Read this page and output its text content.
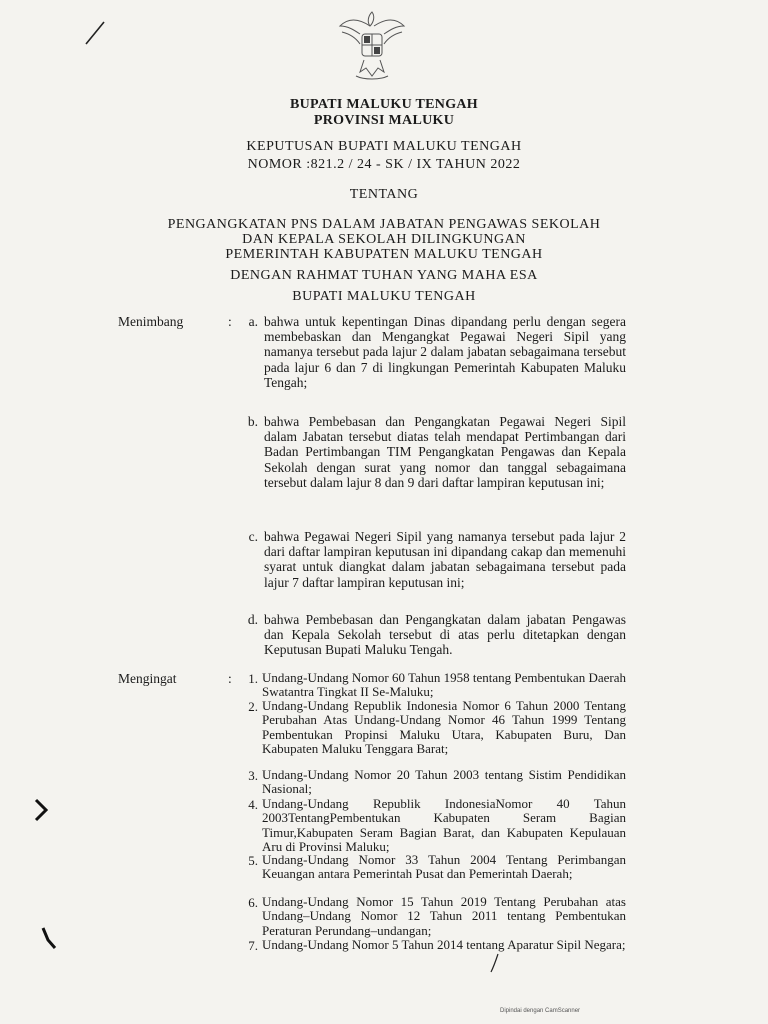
BUPATI MALUKU TENGAH
PROVINSI MALUKU
KEPUTUSAN BUPATI MALUKU TENGAH
NOMOR :821.2 / 24 - SK / IX TAHUN 2022
TENTANG
PENGANGKATAN PNS DALAM JABATAN PENGAWAS SEKOLAH
DAN KEPALA SEKOLAH DILINGKUNGAN
PEMERINTAH KABUPATEN MALUKU TENGAH
DENGAN RAHMAT TUHAN YANG MAHA ESA
BUPATI MALUKU TENGAH
Menimbang	:	a. bahwa untuk kepentingan Dinas dipandang perlu dengan segera membebaskan dan Mengangkat Pegawai Negeri Sipil yang namanya tersebut pada lajur 2 dalam jabatan sebagaimana tersebut pada lajur 6 dan 7 di lingkungan Pemerintah Kabupaten Maluku Tengah;
b. bahwa Pembebasan dan Pengangkatan Pegawai Negeri Sipil dalam Jabatan tersebut diatas telah mendapat Pertimbangan dari Badan Pertimbangan TIM Pengangkatan Pengawas dan Kepala Sekolah dengan surat yang nomor dan tanggal sebagaimana tersebut dalam lajur 8 dan 9 dari daftar lampiran keputusan ini;
c. bahwa Pegawai Negeri Sipil yang namanya tersebut pada lajur 2 dari daftar lampiran keputusan ini dipandang cakap dan memenuhi syarat untuk diangkat dalam jabatan sebagaimana tersebut pada lajur 7 daftar lampiran keputusan ini;
d. bahwa Pembebasan dan Pengangkatan dalam jabatan Pengawas dan Kepala Sekolah tersebut di atas perlu ditetapkan dengan Keputusan Bupati Maluku Tengah.
Mengingat	:	1. Undang-Undang Nomor 60 Tahun 1958 tentang Pembentukan Daerah Swatantra Tingkat II Se-Maluku;
2. Undang-Undang Republik Indonesia Nomor 6 Tahun 2000 Tentang Perubahan Atas Undang-Undang Nomor 46 Tahun 1999 Tentang Pembentukan Propinsi Maluku Utara, Kabupaten Buru, Dan Kabupaten Maluku Tenggara Barat;
3. Undang-Undang Nomor 20 Tahun 2003 tentang Sistim Pendidikan Nasional;
4. Undang-Undang Republik IndonesiaNomor 40 Tahun 2003TentangPembentukan Kabupaten Seram Bagian Timur,Kabupaten Seram Bagian Barat, dan Kabupaten Kepulauan Aru di Provinsi Maluku;
5. Undang-Undang Nomor 33 Tahun 2004 Tentang Perimbangan Keuangan antara Pemerintah Pusat dan Pemerintah Daerah;
6. Undang-Undang Nomor 15 Tahun 2019 Tentang Perubahan atas Undang–Undang Nomor 12 Tahun 2011 tentang Pembentukan Peraturan Perundang–undangan;
7. Undang-Undang Nomor 5 Tahun 2014 tentang Aparatur Sipil Negara;
Dipindai dengan CamScanner
